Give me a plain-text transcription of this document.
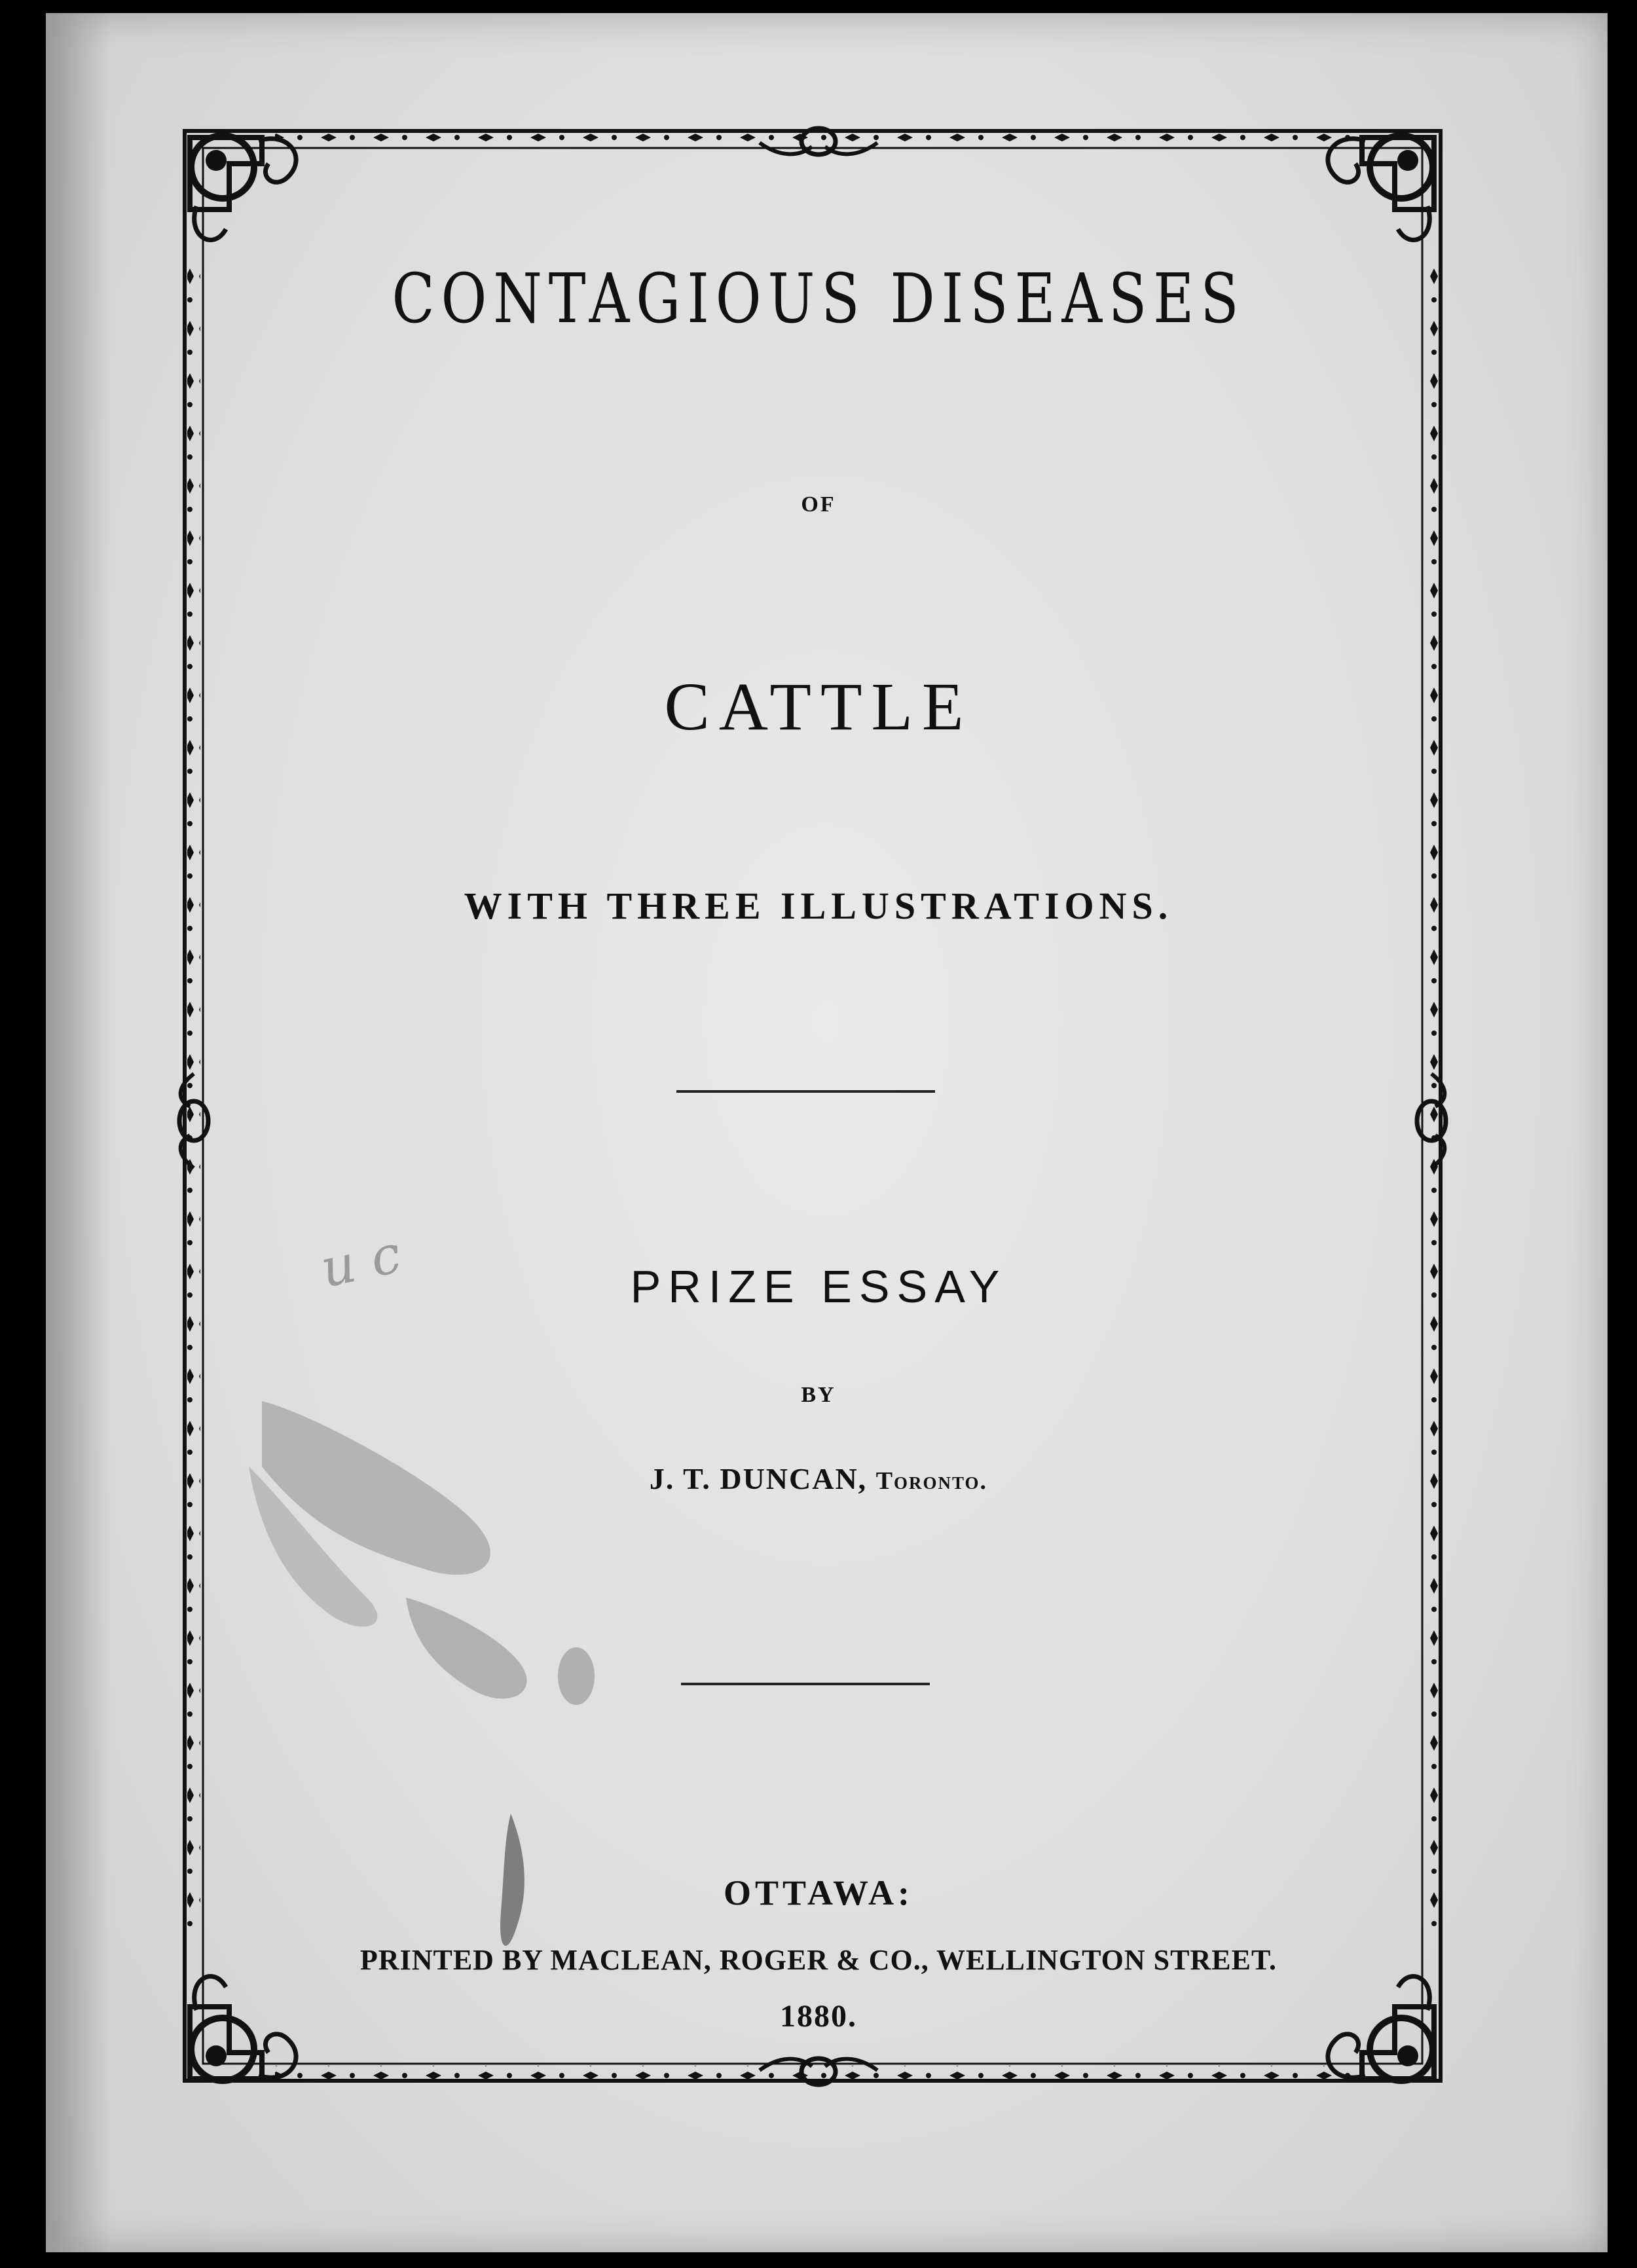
u c
CONTAGIOUS DISEASES
OF
CATTLE
WITH THREE ILLUSTRATIONS.
PRIZE ESSAY
BY
J. T. DUNCAN, Toronto.
OTTAWA:
PRINTED BY MACLEAN, ROGER & CO., WELLINGTON STREET.
1880.
